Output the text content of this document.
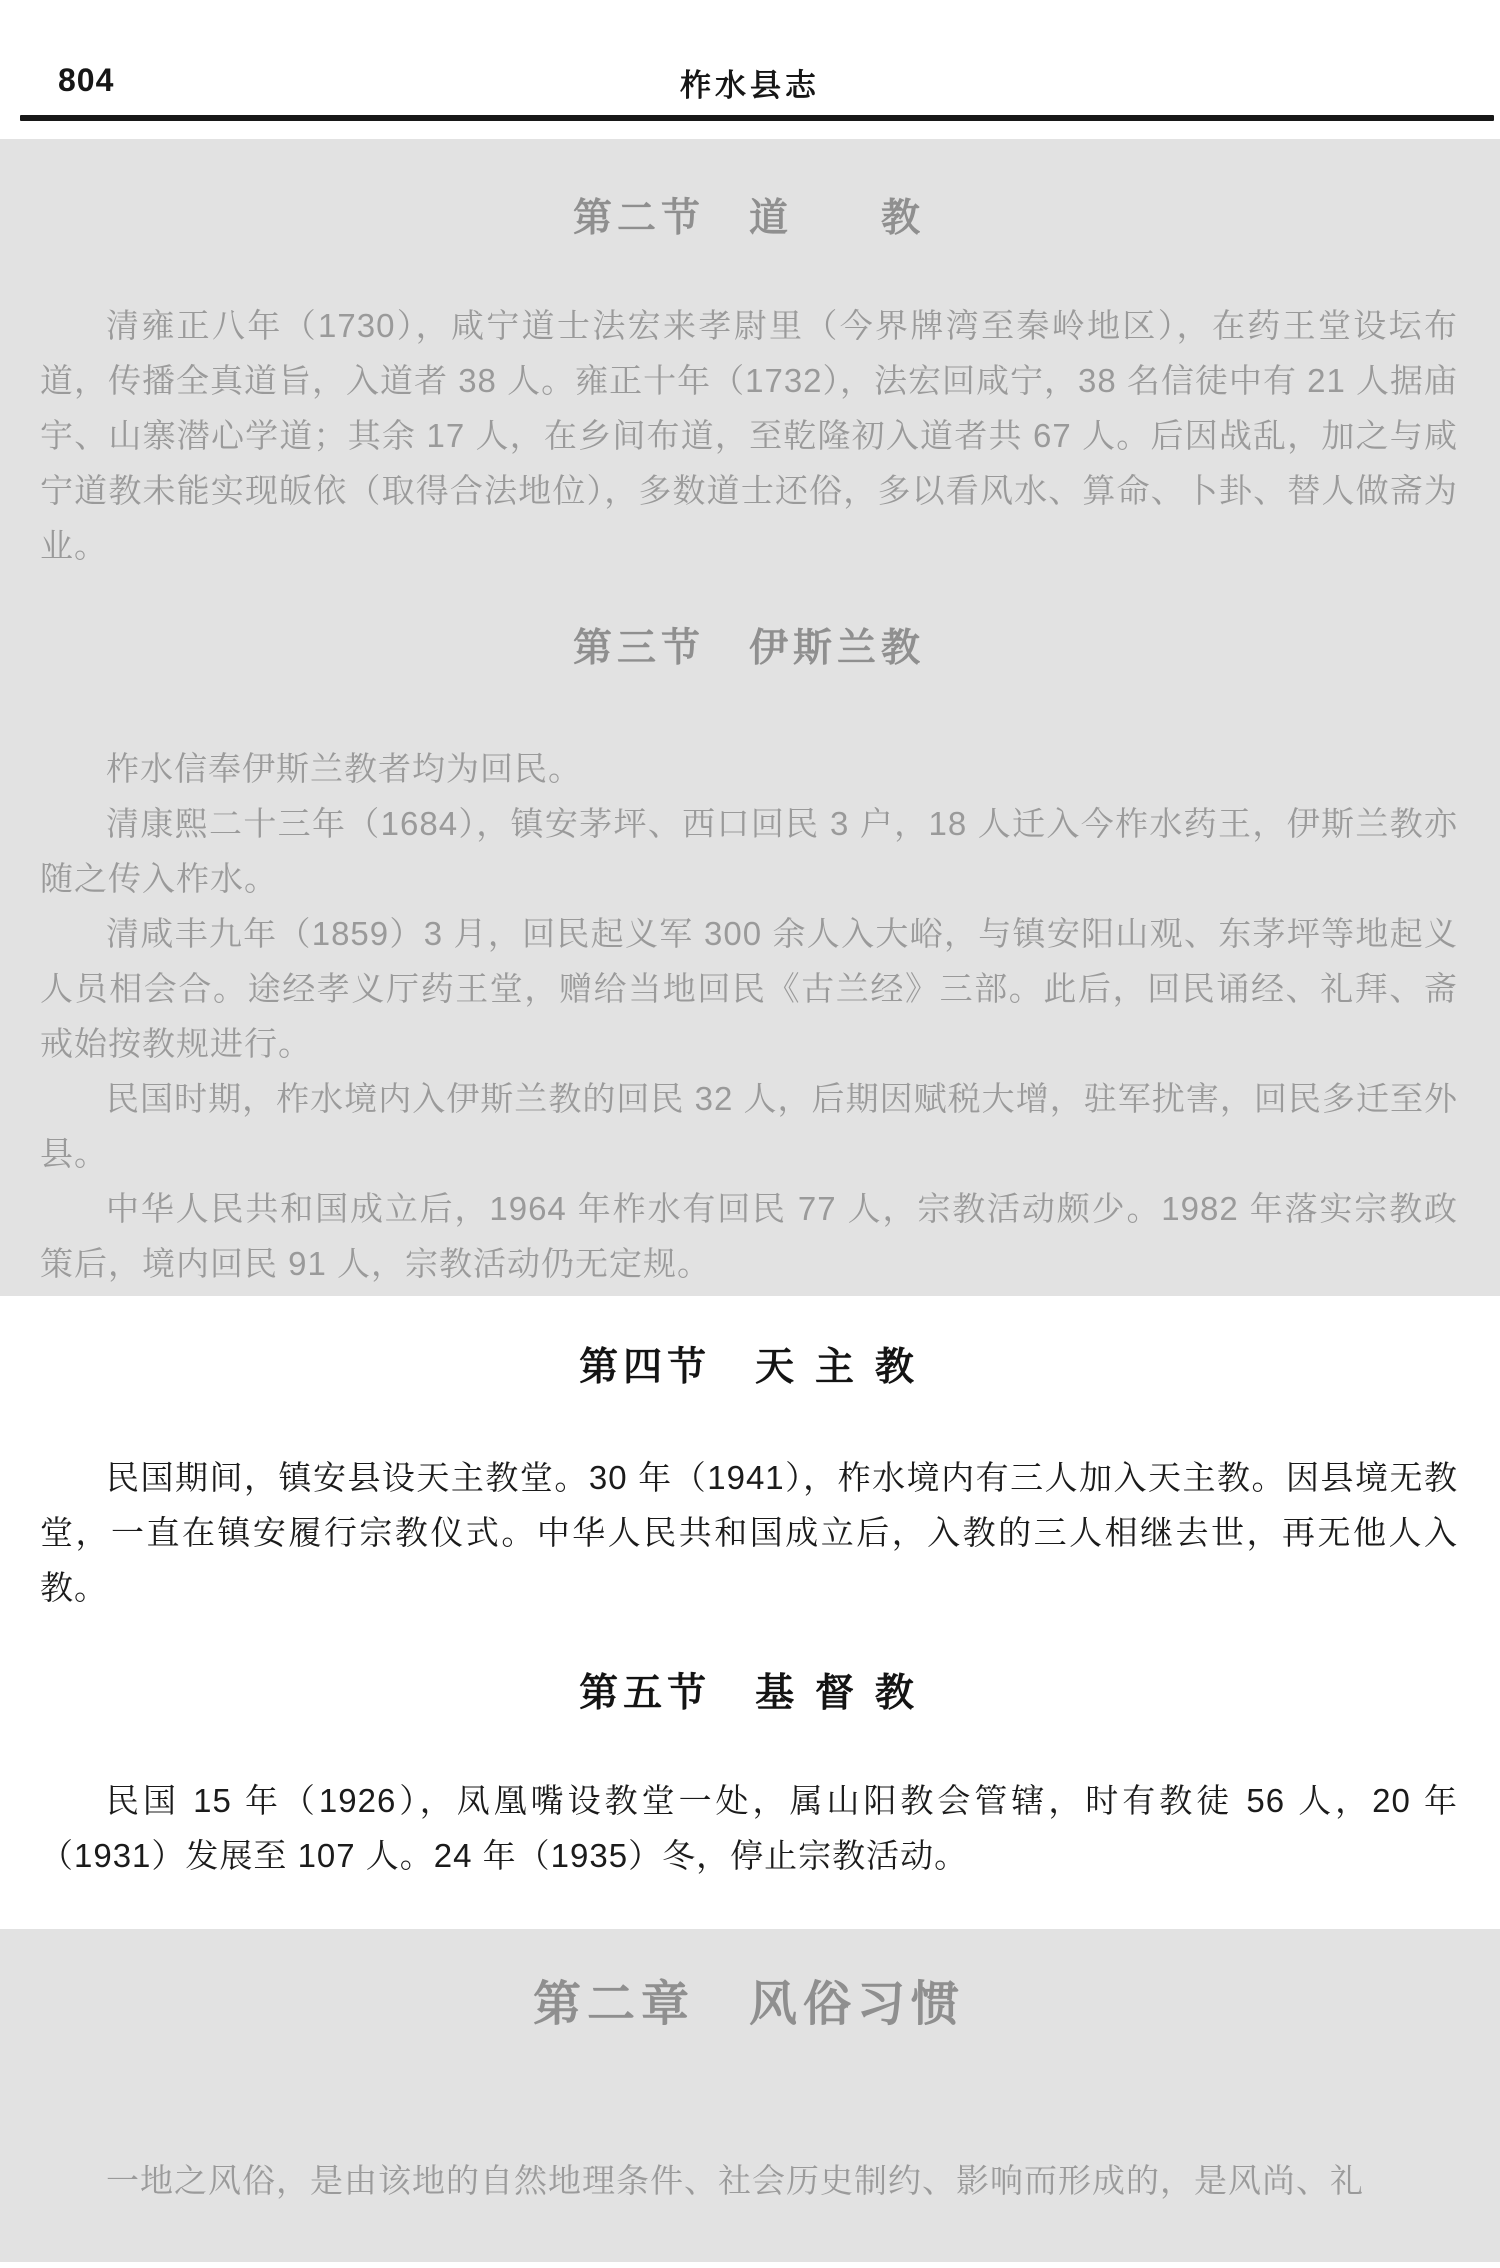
804	柞水县志
第二节　道　　教

清雍正八年（1730），咸宁道士法宏来孝尉里（今界牌湾至秦岭地区），在药王堂设坛布道，传播全真道旨，入道者 38 人。雍正十年（1732），法宏回咸宁，38 名信徒中有 21 人据庙宇、山寨潜心学道；其余 17 人，在乡间布道，至乾隆初入道者共 67 人。后因战乱，加之与咸宁道教未能实现皈依（取得合法地位），多数道士还俗，多以看风水、算命、卜卦、替人做斋为业。

第三节　伊斯兰教

柞水信奉伊斯兰教者均为回民。

清康熙二十三年（1684），镇安茅坪、西口回民 3 户，18 人迁入今柞水药王，伊斯兰教亦随之传入柞水。

清咸丰九年（1859）3 月，回民起义军 300 余人入大峪，与镇安阳山观、东茅坪等地起义人员相会合。途经孝义厅药王堂，赠给当地回民《古兰经》三部。此后，回民诵经、礼拜、斋戒始按教规进行。

民国时期，柞水境内入伊斯兰教的回民 32 人，后期因赋税大增，驻军扰害，回民多迁至外县。

中华人民共和国成立后，1964 年柞水有回民 77 人，宗教活动颇少。1982 年落实宗教政策后，境内回民 91 人，宗教活动仍无定规。

第四节　天 主 教

民国期间，镇安县设天主教堂。30 年（1941），柞水境内有三人加入天主教。因县境无教堂，一直在镇安履行宗教仪式。中华人民共和国成立后，入教的三人相继去世，再无他人入教。

第五节　基 督 教

民国 15 年（1926），凤凰嘴设教堂一处，属山阳教会管辖，时有教徒 56 人，20 年（1931）发展至 107 人。24 年（1935）冬，停止宗教活动。

第二章　风俗习惯

一地之风俗，是由该地的自然地理条件、社会历史制约、影响而形成的，是风尚、礼
